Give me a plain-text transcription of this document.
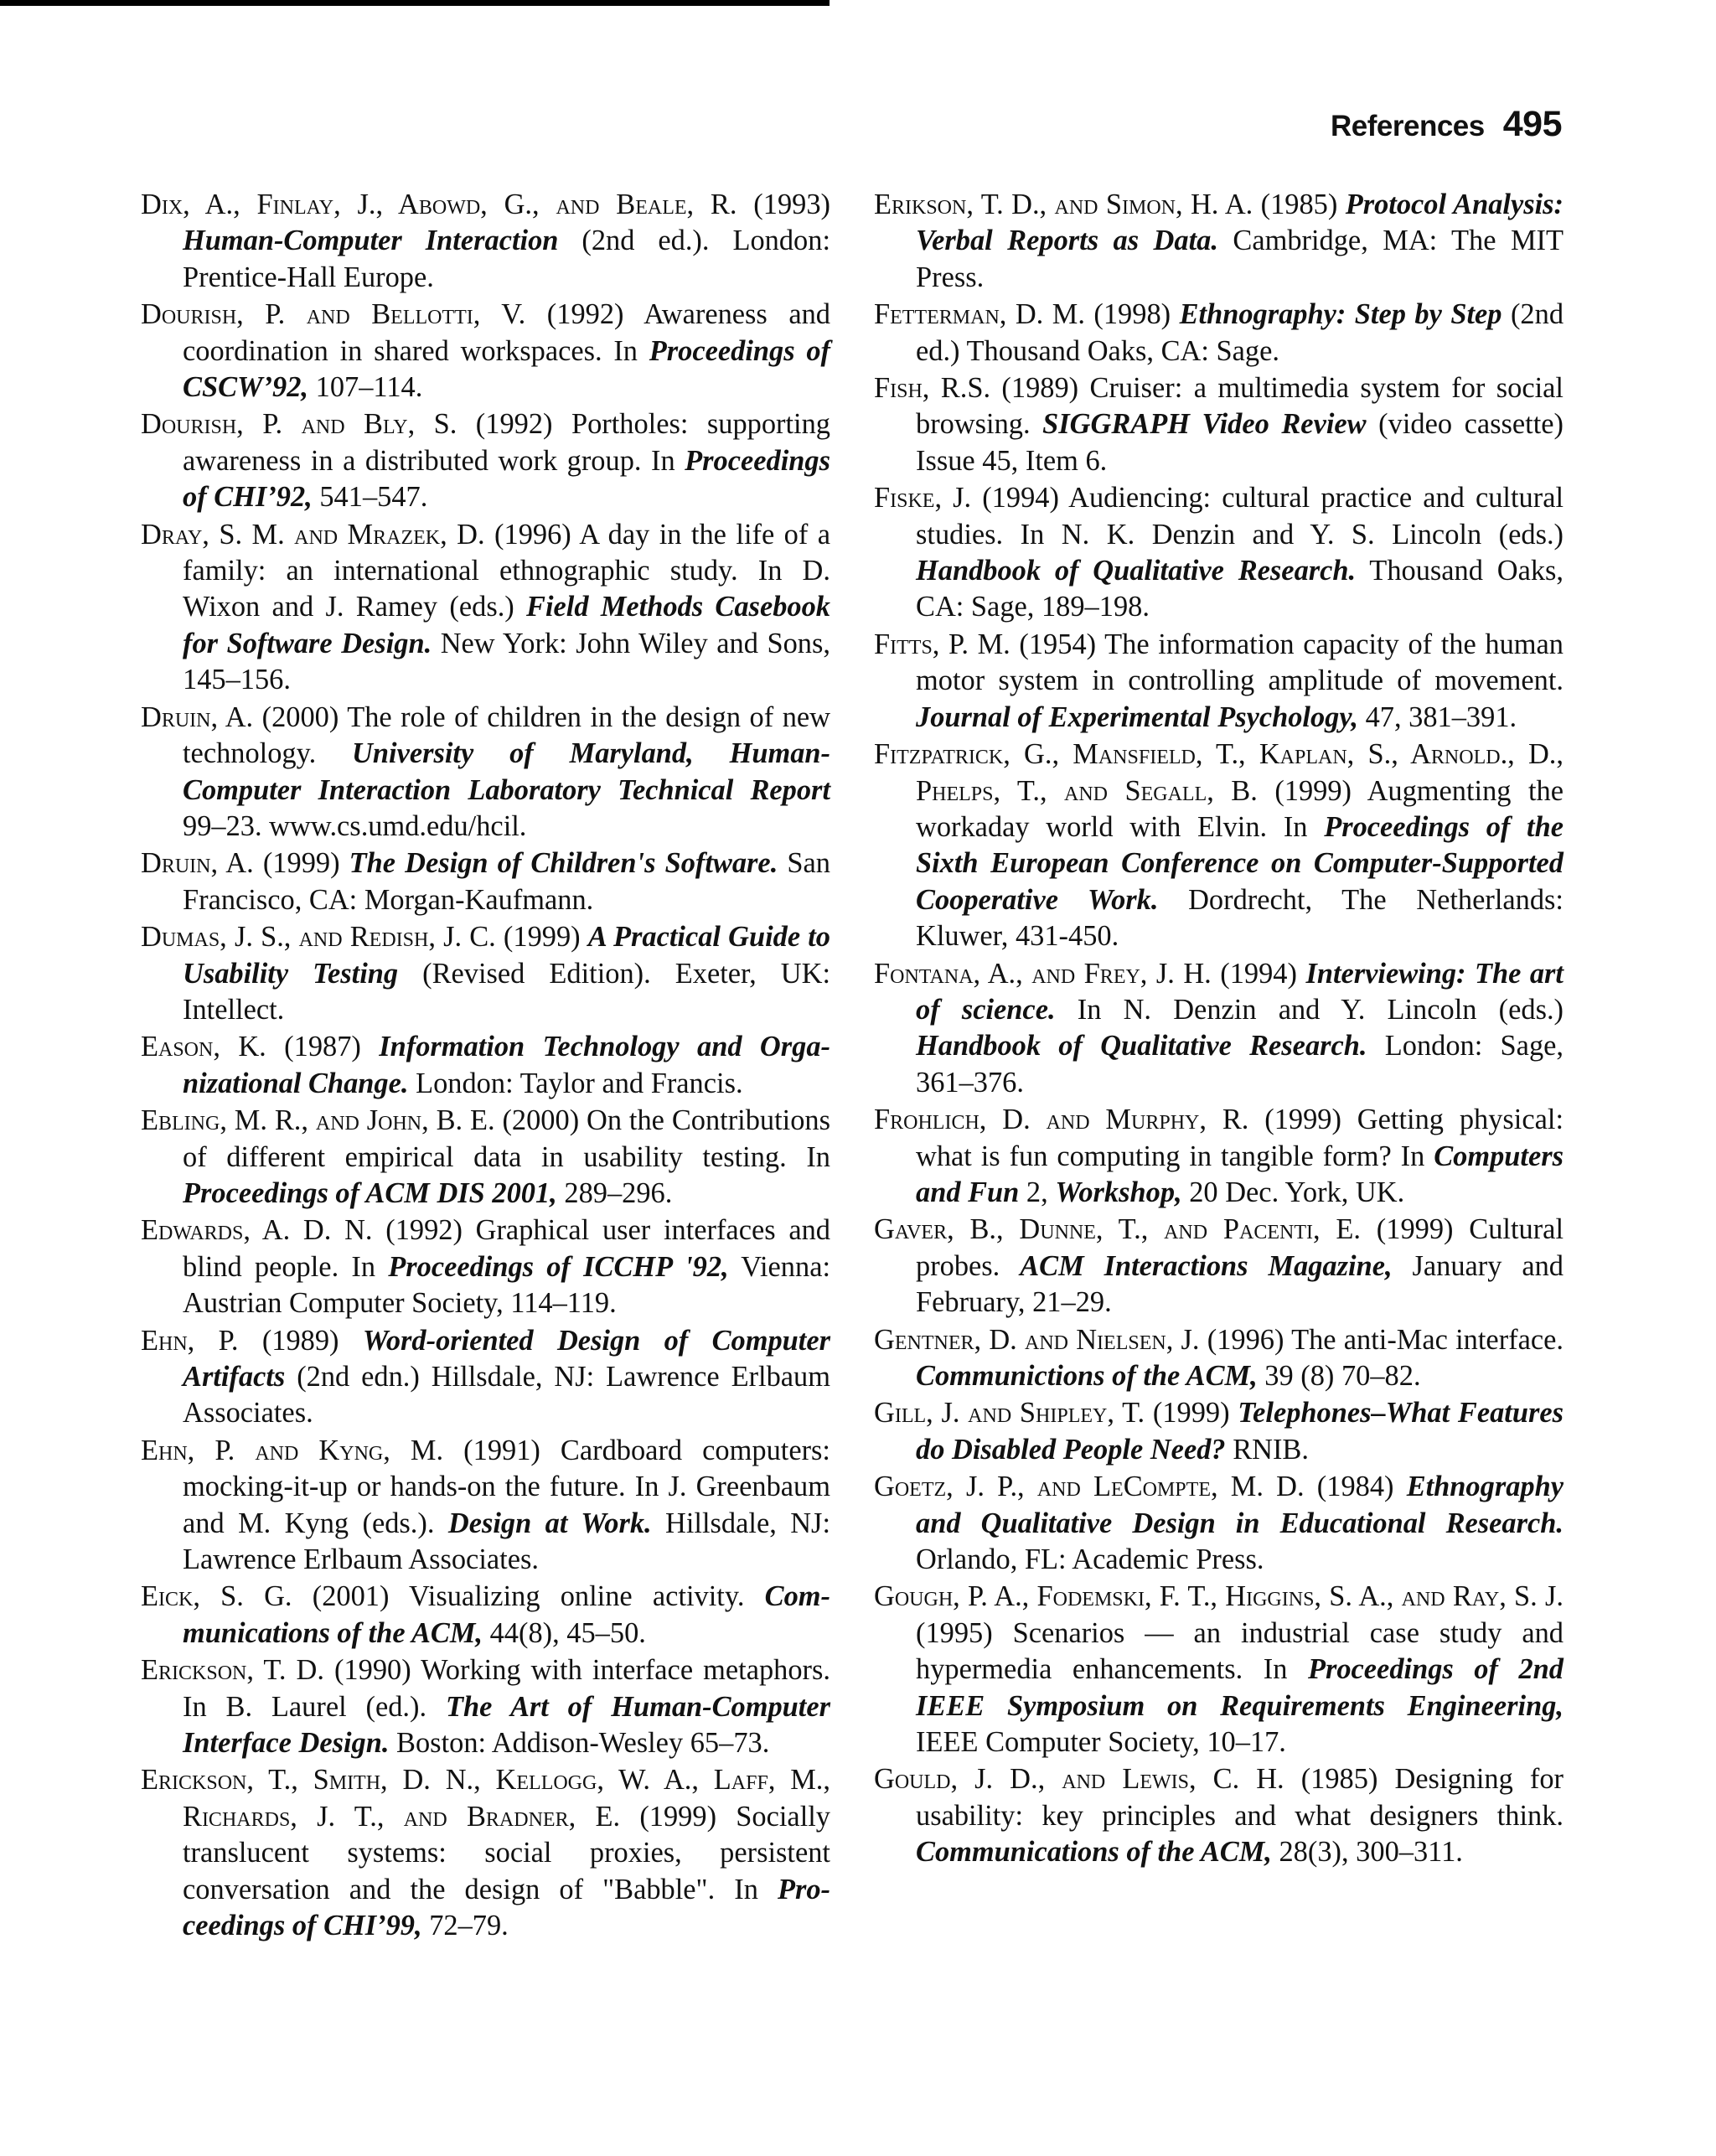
References 495

Dix, A., Finlay, J., Abowd, G., and Beale, R. (1993) Human-Computer Interaction (2nd ed.). London: Prentice-Hall Europe.

Dourish, P. and Bellotti, V. (1992) Awareness and coordination in shared workspaces. In Proceedings of CSCW’92, 107–114.

Dourish, P. and Bly, S. (1992) Portholes: supporting awareness in a distributed work group. In Proceedings of CHI’92, 541–547.

Dray, S. M. and Mrazek, D. (1996) A day in the life of a family: an international ethnographic study. In D. Wixon and J. Ramey (eds.) Field Methods Casebook for Software Design. New York: John Wiley and Sons, 145–156.

Druin, A. (2000) The role of children in the design of new technology. University of Maryland, Human-Computer Interaction Laboratory Technical Report 99–23. www.cs.umd.edu/hcil.

Druin, A. (1999) The Design of Children's Software. San Francisco, CA: Morgan-Kaufmann.

Dumas, J. S., and Redish, J. C. (1999) A Practical Guide to Usability Testing (Revised Edition). Exeter, UK: Intellect.

Eason, K. (1987) Information Technology and Organizational Change. London: Taylor and Francis.

Ebling, M. R., and John, B. E. (2000) On the Contributions of different empirical data in usability testing. In Proceedings of ACM DIS 2001, 289–296.

Edwards, A. D. N. (1992) Graphical user interfaces and blind people. In Proceedings of ICCHP '92, Vienna: Austrian Computer Society, 114–119.

Ehn, P. (1989) Word-oriented Design of Computer Artifacts (2nd edn.) Hillsdale, NJ: Lawrence Erlbaum Associates.

Ehn, P. and Kyng, M. (1991) Cardboard computers: mocking-it-up or hands-on the future. In J. Greenbaum and M. Kyng (eds.). Design at Work. Hillsdale, NJ: Lawrence Erlbaum Associates.

Eick, S. G. (2001) Visualizing online activity. Communications of the ACM, 44(8), 45–50.

Erickson, T. D. (1990) Working with interface metaphors. In B. Laurel (ed.). The Art of Human-Computer Interface Design. Boston: Addison-Wesley 65–73.

Erickson, T., Smith, D. N., Kellogg, W. A., Laff, M., Richards, J. T., and Bradner, E. (1999) Socially translucent systems: social proxies, persistent conversation and the design of "Babble". In Proceedings of CHI’99, 72–79.

Erikson, T. D., and Simon, H. A. (1985) Protocol Analysis: Verbal Reports as Data. Cambridge, MA: The MIT Press.

Fetterman, D. M. (1998) Ethnography: Step by Step (2nd ed.) Thousand Oaks, CA: Sage.

Fish, R.S. (1989) Cruiser: a multimedia system for social browsing. SIGGRAPH Video Review (video cassette) Issue 45, Item 6.

Fiske, J. (1994) Audiencing: cultural practice and cultural studies. In N. K. Denzin and Y. S. Lincoln (eds.) Handbook of Qualitative Research. Thousand Oaks, CA: Sage, 189–198.

Fitts, P. M. (1954) The information capacity of the human motor system in controlling amplitude of movement. Journal of Experimental Psychology, 47, 381–391.

Fitzpatrick, G., Mansfield, T., Kaplan, S., Arnold., D., Phelps, T., and Segall, B. (1999) Augmenting the workaday world with Elvin. In Proceedings of the Sixth European Conference on Computer-Supported Cooperative Work. Dordrecht, The Netherlands: Kluwer, 431-450.

Fontana, A., and Frey, J. H. (1994) Interviewing: The art of science. In N. Denzin and Y. Lincoln (eds.) Handbook of Qualitative Research. London: Sage, 361–376.

Frohlich, D. and Murphy, R. (1999) Getting physical: what is fun computing in tangible form? In Computers and Fun 2, Workshop, 20 Dec. York, UK.

Gaver, B., Dunne, T., and Pacenti, E. (1999) Cultural probes. ACM Interactions Magazine, January and February, 21–29.

Gentner, D. and Nielsen, J. (1996) The anti-Mac interface. Communictions of the ACM, 39 (8) 70–82.

Gill, J. and Shipley, T. (1999) Telephones–What Features do Disabled People Need? RNIB.

Goetz, J. P., and LeCompte, M. D. (1984) Ethnography and Qualitative Design in Educational Research. Orlando, FL: Academic Press.

Gough, P. A., Fodemski, F. T., Higgins, S. A., and Ray, S. J. (1995) Scenarios — an industrial case study and hypermedia enhancements. In Proceedings of 2nd IEEE Symposium on Requirements Engineering, IEEE Computer Society, 10–17.

Gould, J. D., and Lewis, C. H. (1985) Designing for usability: key principles and what designers think. Communications of the ACM, 28(3), 300–311.
